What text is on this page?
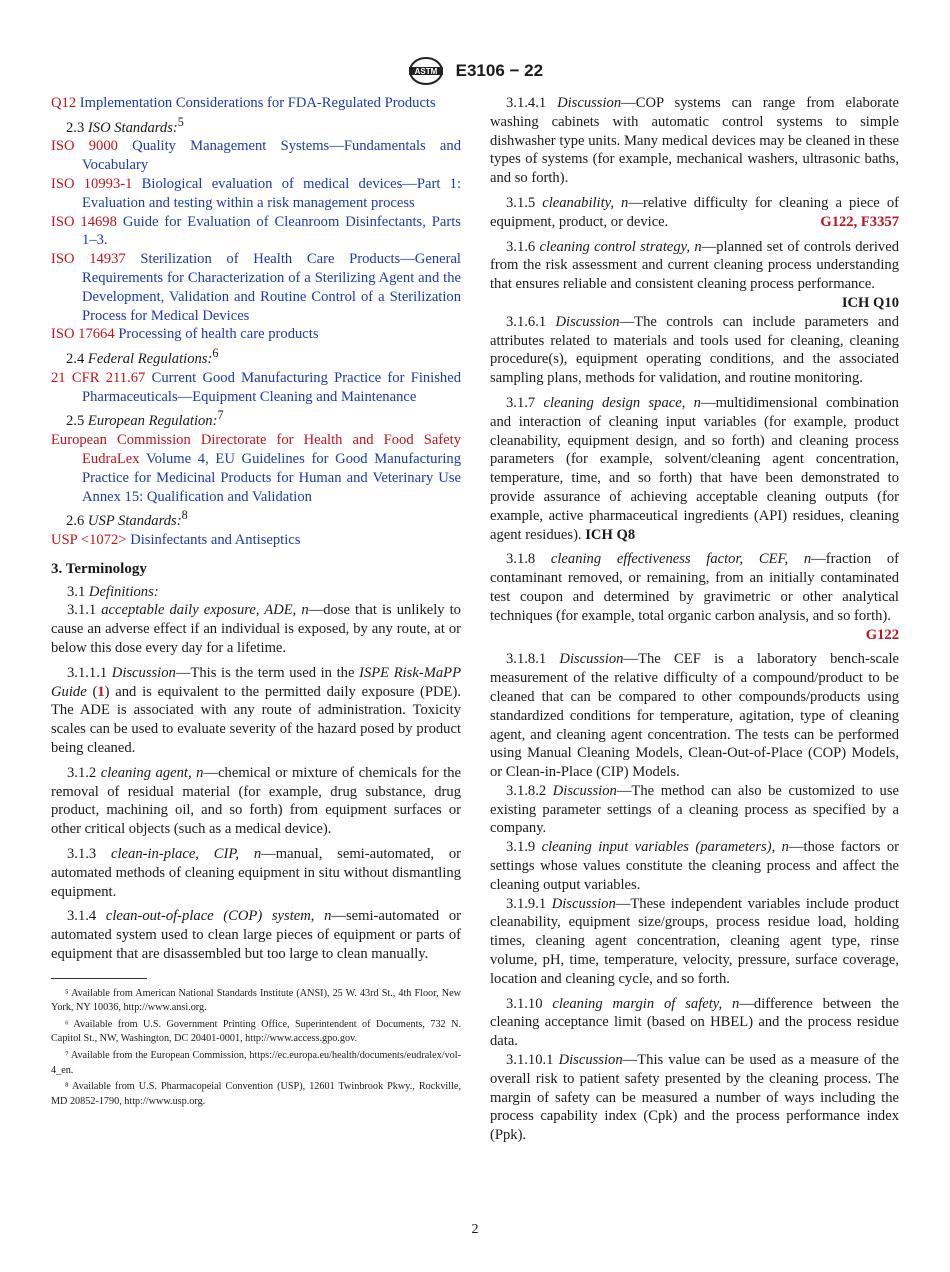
ASTM E3106 − 22

Q12 Implementation Considerations for FDA-Regulated Products

2.3 ISO Standards:$^5$

ISO 9000 Quality Management Systems—Fundamentals and Vocabulary

ISO 10993-1 Biological evaluation of medical devices—Part 1: Evaluation and testing within a risk management process

ISO 14698 Guide for Evaluation of Cleanroom Disinfectants, Parts 1–3.

ISO 14937 Sterilization of Health Care Products—General Requirements for Characterization of a Sterilizing Agent and the Development, Validation and Routine Control of a Sterilization Process for Medical Devices

ISO 17664 Processing of health care products

2.4 Federal Regulations:$^6$

21 CFR 211.67 Current Good Manufacturing Practice for Finished Pharmaceuticals—Equipment Cleaning and Maintenance

2.5 European Regulation:$^7$

European Commission Directorate for Health and Food Safety EudraLex Volume 4, EU Guidelines for Good Manufacturing Practice for Medicinal Products for Human and Veterinary Use Annex 15: Qualification and Validation

2.6 USP Standards:$^8$

USP <1072> Disinfectants and Antiseptics

3. Terminology

3.1 Definitions:

3.1.1 acceptable daily exposure, ADE, n—dose that is unlikely to cause an adverse effect if an individual is exposed, by any route, at or below this dose every day for a lifetime.

3.1.1.1 Discussion—This is the term used in the ISPE Risk-MaPP Guide (1) and is equivalent to the permitted daily exposure (PDE). The ADE is associated with any route of administration. Toxicity scales can be used to evaluate severity of the hazard posed by product being cleaned.

3.1.2 cleaning agent, n—chemical or mixture of chemicals for the removal of residual material (for example, drug substance, drug product, machining oil, and so forth) from equipment surfaces or other critical objects (such as a medical device).

3.1.3 clean-in-place, CIP, n—manual, semi-automated, or automated methods of cleaning equipment in situ without dismantling equipment.

3.1.4 clean-out-of-place (COP) system, n—semi-automated or automated system used to clean large pieces of equipment or parts of equipment that are disassembled but too large to clean manually.

⁵ Available from American National Standards Institute (ANSI), 25 W. 43rd St., 4th Floor, New York, NY 10036, http://www.ansi.org.

⁶ Available from U.S. Government Printing Office, Superintendent of Documents, 732 N. Capitol St., NW, Washington, DC 20401-0001, http://www.access.gpo.gov.

⁷ Available from the European Commission, https://ec.europa.eu/health/documents/eudralex/vol-4_en.

⁸ Available from U.S. Pharmacopeial Convention (USP), 12601 Twinbrook Pkwy., Rockville, MD 20852-1790, http://www.usp.org.

3.1.4.1 Discussion—COP systems can range from elaborate washing cabinets with automatic control systems to simple dishwasher type units. Many medical devices may be cleaned in these types of systems (for example, mechanical washers, ultrasonic baths, and so forth).

3.1.5 cleanability, n—relative difficulty for cleaning a piece of equipment, product, or device.	G122, F3357

3.1.6 cleaning control strategy, n—planned set of controls derived from the risk assessment and current cleaning process understanding that ensures reliable and consistent cleaning process performance.
ICH Q10

3.1.6.1 Discussion—The controls can include parameters and attributes related to materials and tools used for cleaning, cleaning procedure(s), equipment operating conditions, and the associated sampling plans, methods for validation, and routine monitoring.

3.1.7 cleaning design space, n—multidimensional combination and interaction of cleaning input variables (for example, product cleanability, equipment design, and so forth) and cleaning process parameters (for example, solvent/cleaning agent concentration, temperature, time, and so forth) that have been demonstrated to provide assurance of achieving acceptable cleaning outputs (for example, active pharmaceutical ingredients (API) residues, cleaning agent residues). ICH Q8

3.1.8 cleaning effectiveness factor, CEF, n—fraction of contaminant removed, or remaining, from an initially contaminated test coupon and determined by gravimetric or other analytical techniques (for example, total organic carbon analysis, and so forth).
G122

3.1.8.1 Discussion—The CEF is a laboratory bench-scale measurement of the relative difficulty of a compound/product to be cleaned that can be compared to other compounds/products using standardized conditions for temperature, agitation, type of cleaning agent, and cleaning agent concentration. The tests can be performed using Manual Cleaning Models, Clean-Out-of-Place (COP) Models, or Clean-in-Place (CIP) Models.

3.1.8.2 Discussion—The method can also be customized to use existing parameter settings of a cleaning process as specified by a company.

3.1.9 cleaning input variables (parameters), n—those factors or settings whose values constitute the cleaning process and affect the cleaning output variables.

3.1.9.1 Discussion—These independent variables include product cleanability, equipment size/groups, process residue load, holding times, cleaning agent concentration, cleaning agent type, rinse volume, pH, time, temperature, velocity, pressure, surface coverage, location and cleaning cycle, and so forth.

3.1.10 cleaning margin of safety, n—difference between the cleaning acceptance limit (based on HBEL) and the process residue data.

3.1.10.1 Discussion—This value can be used as a measure of the overall risk to patient safety presented by the cleaning process. The margin of safety can be measured a number of ways including the process capability index (Cpk) and the process performance index (Ppk).

2
